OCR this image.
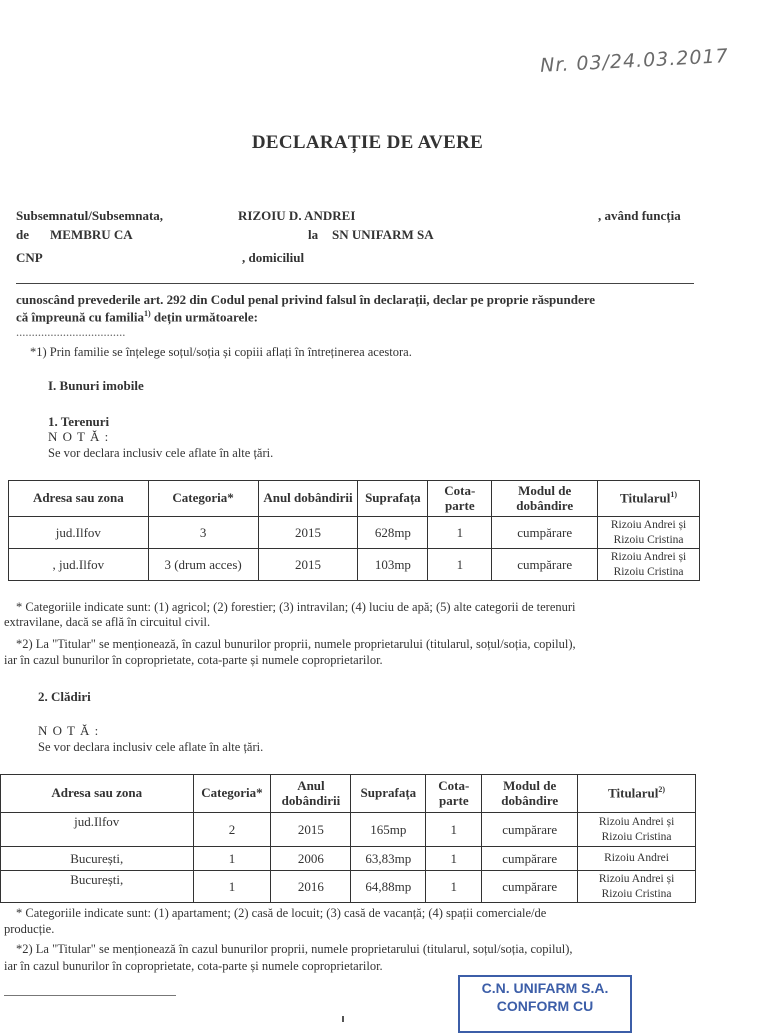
Nr. 03/24.03.2017
DECLARAȚIE DE AVERE
Subsemnatul/Subsemnata,	RIZOIU D. ANDREI	, având funcția
de MEMBRU CA	la SN UNIFARM SA
CNP	, domiciliul
cunoscând prevederile art. 292 din Codul penal privind falsul în declarații, declar pe proprie răspundere
că împreună cu familia$^{1)}$ dețin următoarele:
...................................
*1) Prin familie se înțelege soțul/soția și copiii aflați în întreținerea acestora.
I. Bunuri imobile
1. Terenuri
N O T Ă :
Se vor declara inclusiv cele aflate în alte țări.
Adresa sau zona	Categoria*	Anul dobândirii	Suprafața	Cota-parte	Modul de dobândire	Titularul$^{1)}$
jud.Ilfov	3	2015	628mp	1	cumpărare	Rizoiu Andrei și
Rizoiu Cristina

, jud.Ilfov	3 (drum acces)	2015	103mp	1	cumpărare	Rizoiu Andrei și
Rizoiu Cristina
* Categoriile indicate sunt: (1) agricol; (2) forestier; (3) intravilan; (4) luciu de apă; (5) alte categorii de terenuri
extravilane, dacă se află în circuitul civil.
*2) La "Titular" se menționează, în cazul bunurilor proprii, numele proprietarului (titularul, soțul/soția, copilul),
iar în cazul bunurilor în coproprietate, cota-parte și numele coproprietarilor.
2. Clădiri
N O T Ă :
Se vor declara inclusiv cele aflate în alte țări.
Adresa sau zona	Categoria*	Anul dobândirii	Suprafața	Cota-parte	Modul de dobândire	Titularul$^{2)}$
jud.Ilfov	2	2015	165mp	1	cumpărare	Rizoiu Andrei și
Rizoiu Cristina

București,	1	2006	63,83mp	1	cumpărare	Rizoiu Andrei

București,	1	2016	64,88mp	1	cumpărare	Rizoiu Andrei și
Rizoiu Cristina
* Categoriile indicate sunt: (1) apartament; (2) casă de locuit; (3) casă de vacanță; (4) spații comerciale/de
producție.
*2) La "Titular" se menționează în cazul bunurilor proprii, numele proprietarului (titularul, soțul/soția, copilul),
iar în cazul bunurilor în coproprietate, cota-parte și numele coproprietarilor.
C.N. UNIFARM S.A.
CONFORM CU
